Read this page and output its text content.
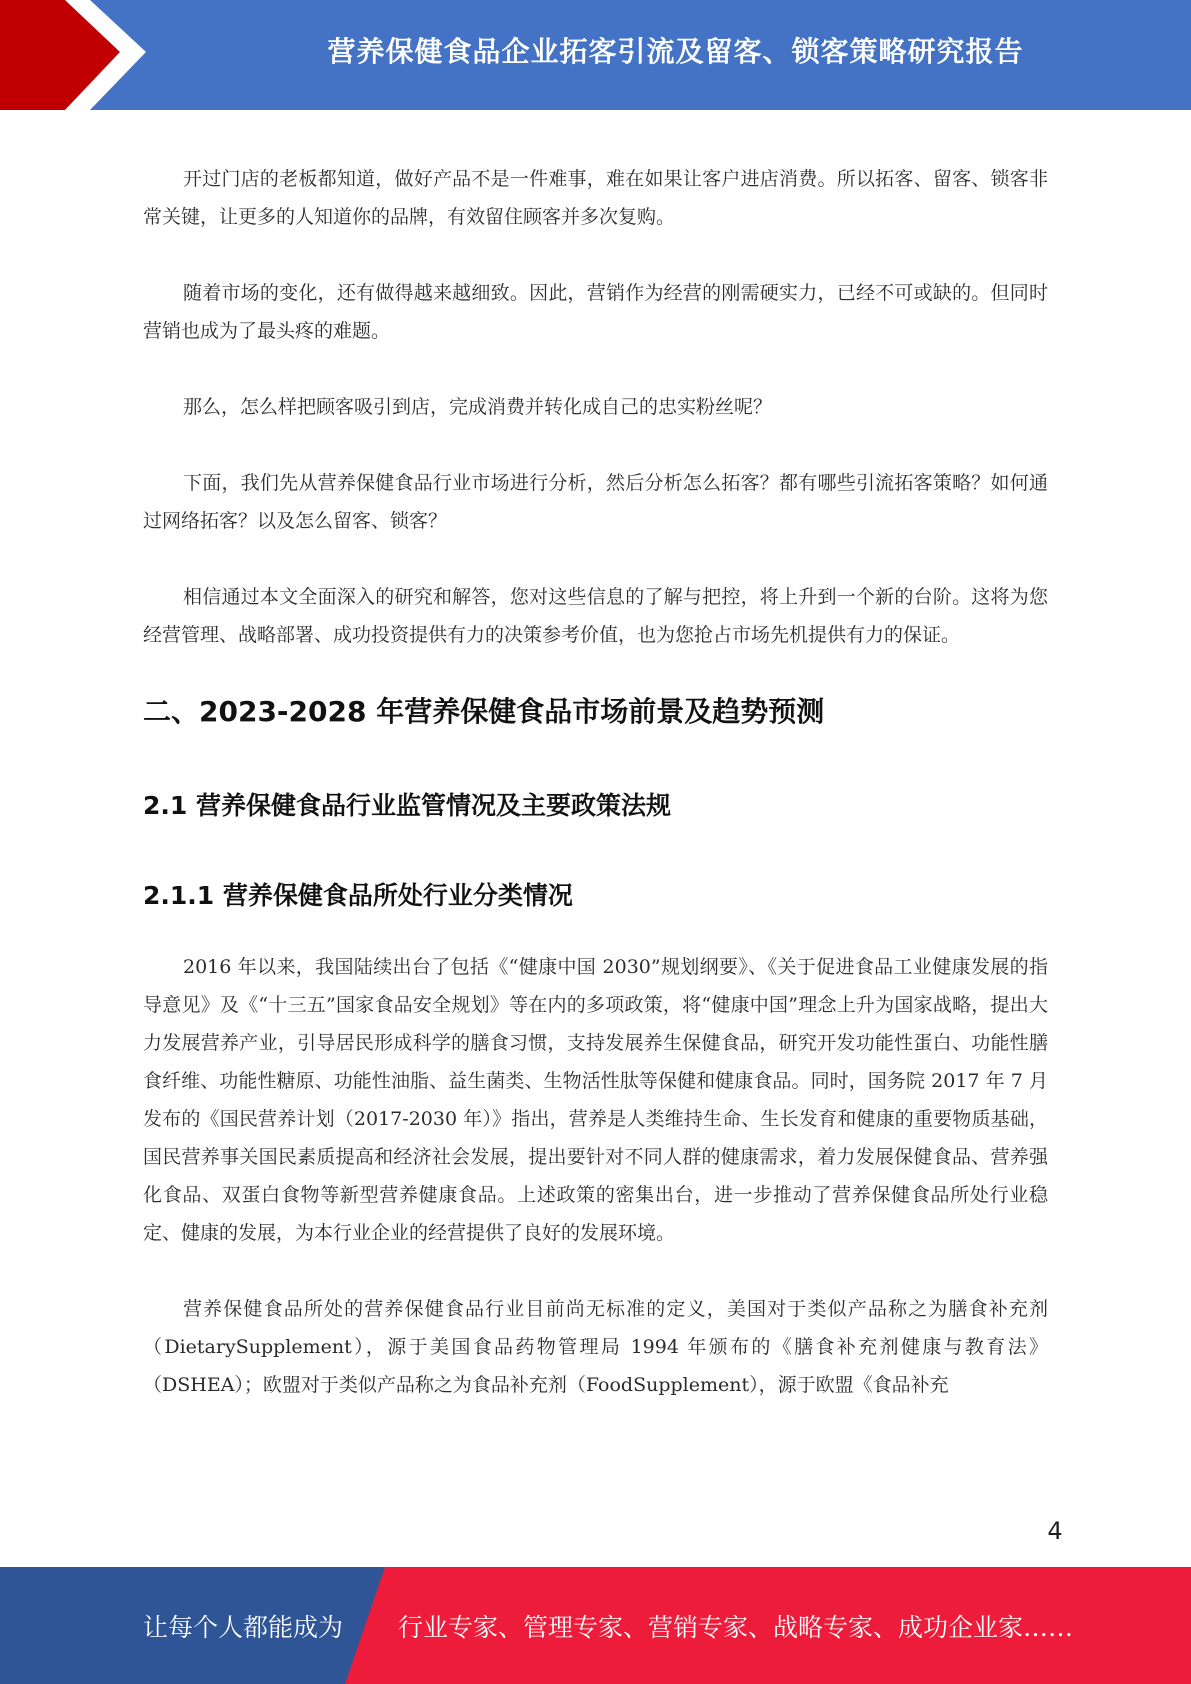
营养保健食品企业拓客引流及留客、锁客策略研究报告

开过门店的老板都知道，做好产品不是一件难事，难在如果让客户进店消费。所以拓客、留客、锁客非常关键，让更多的人知道你的品牌，有效留住顾客并多次复购。

随着市场的变化，还有做得越来越细致。因此，营销作为经营的刚需硬实力，已经不可或缺的。但同时营销也成为了最头疼的难题。

那么，怎么样把顾客吸引到店，完成消费并转化成自己的忠实粉丝呢？

下面，我们先从营养保健食品行业市场进行分析，然后分析怎么拓客？都有哪些引流拓客策略？如何通过网络拓客？以及怎么留客、锁客？

相信通过本文全面深入的研究和解答，您对这些信息的了解与把控，将上升到一个新的台阶。这将为您经营管理、战略部署、成功投资提供有力的决策参考价值，也为您抢占市场先机提供有力的保证。

二、2023-2028 年营养保健食品市场前景及趋势预测
2.1 营养保健食品行业监管情况及主要政策法规
2.1.1 营养保健食品所处行业分类情况

2016 年以来，我国陆续出台了包括《“健康中国 2030”规划纲要》、《关于促进食品工业健康发展的指导意见》及《“十三五”国家食品安全规划》等在内的多项政策，将“健康中国”理念上升为国家战略，提出大力发展营养产业，引导居民形成科学的膳食习惯，支持发展养生保健食品，研究开发功能性蛋白、功能性膳食纤维、功能性糖原、功能性油脂、益生菌类、生物活性肽等保健和健康食品。同时，国务院 2017 年 7 月发布的《国民营养计划（2017-2030 年）》指出，营养是人类维持生命、生长发育和健康的重要物质基础，国民营养事关国民素质提高和经济社会发展，提出要针对不同人群的健康需求，着力发展保健食品、营养强化食品、双蛋白食物等新型营养健康食品。上述政策的密集出台，进一步推动了营养保健食品所处行业稳定、健康的发展，为本行业企业的经营提供了良好的发展环境。

营养保健食品所处的营养保健食品行业目前尚无标准的定义，美国对于类似产品称之为膳食补充剂（DietarySupplement），源于美国食品药物管理局 1994 年颁布的《膳食补充剂健康与教育法》（DSHEA）；欧盟对于类似产品称之为食品补充剂（FoodSupplement），源于欧盟《食品补充

4
让每个人都能成为 行业专家、管理专家、营销专家、战略专家、成功企业家……
